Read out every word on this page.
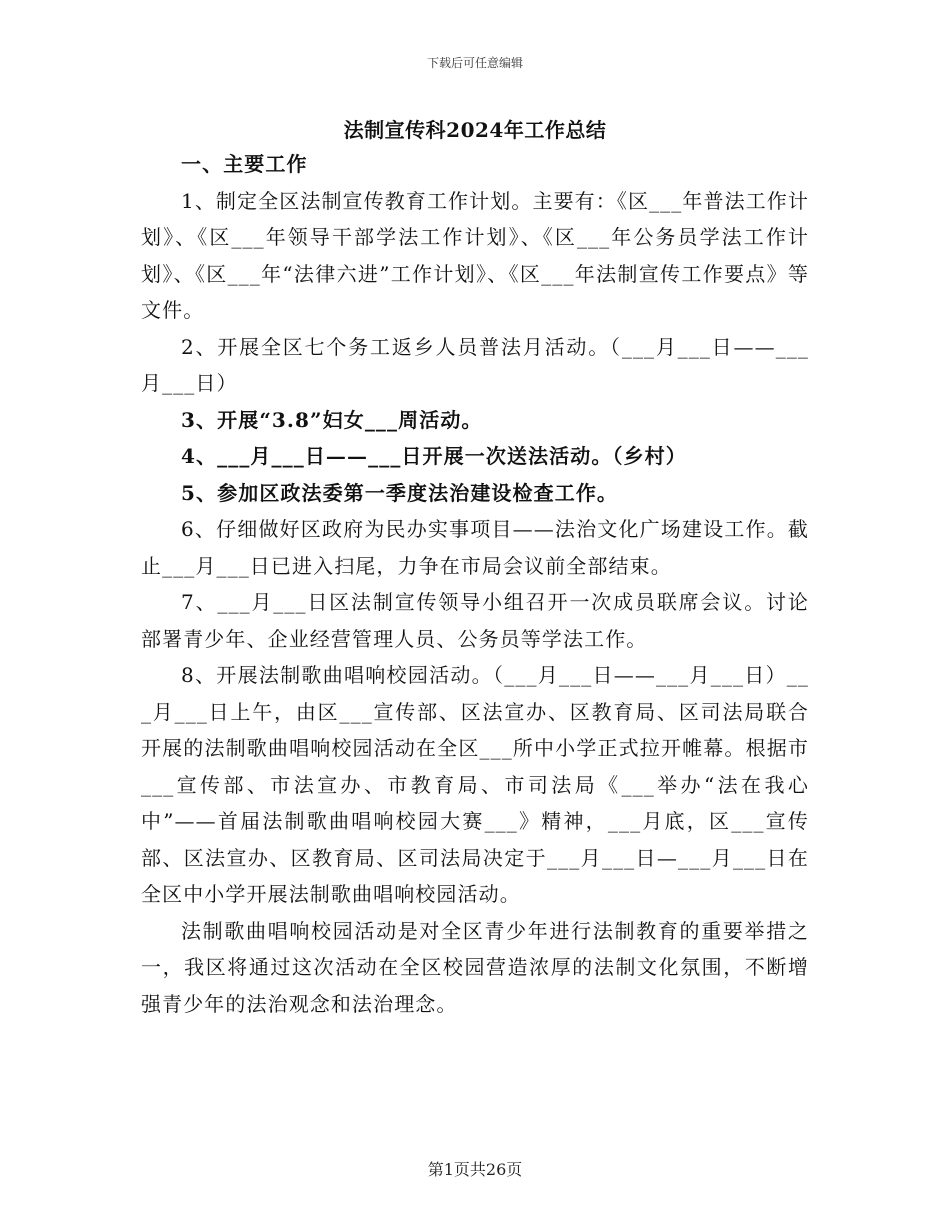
下载后可任意编辑
法制宣传科2024年工作总结

一、主要工作

1、制定全区法制宣传教育工作计划。主要有：《区___年普法工作计划》、《区___年领导干部学法工作计划》、《区___年公务员学法工作计划》、《区___年“法律六进”工作计划》、《区___年法制宣传工作要点》等文件。

2、开展全区七个务工返乡人员普法月活动。（___月___日——___月___日）

3、开展“3.8”妇女___周活动。

4、___月___日——___日开展一次送法活动。（乡村）

5、参加区政法委第一季度法治建设检查工作。

6、仔细做好区政府为民办实事项目——法治文化广场建设工作。截止___月___日已进入扫尾，力争在市局会议前全部结束。

7、___月___日区法制宣传领导小组召开一次成员联席会议。讨论部署青少年、企业经营管理人员、公务员等学法工作。

8、开展法制歌曲唱响校园活动。（___月___日——___月___日）___月___日上午，由区___宣传部、区法宣办、区教育局、区司法局联合开展的法制歌曲唱响校园活动在全区___所中小学正式拉开帷幕。根据市___宣传部、市法宣办、市教育局、市司法局《___举办“法在我心中”——首届法制歌曲唱响校园大赛___》精神，___月底，区___宣传部、区法宣办、区教育局、区司法局决定于___月___日—___月___日在全区中小学开展法制歌曲唱响校园活动。

法制歌曲唱响校园活动是对全区青少年进行法制教育的重要举措之一，我区将通过这次活动在全区校园营造浓厚的法制文化氛围，不断增强青少年的法治观念和法治理念。

第1页共26页
